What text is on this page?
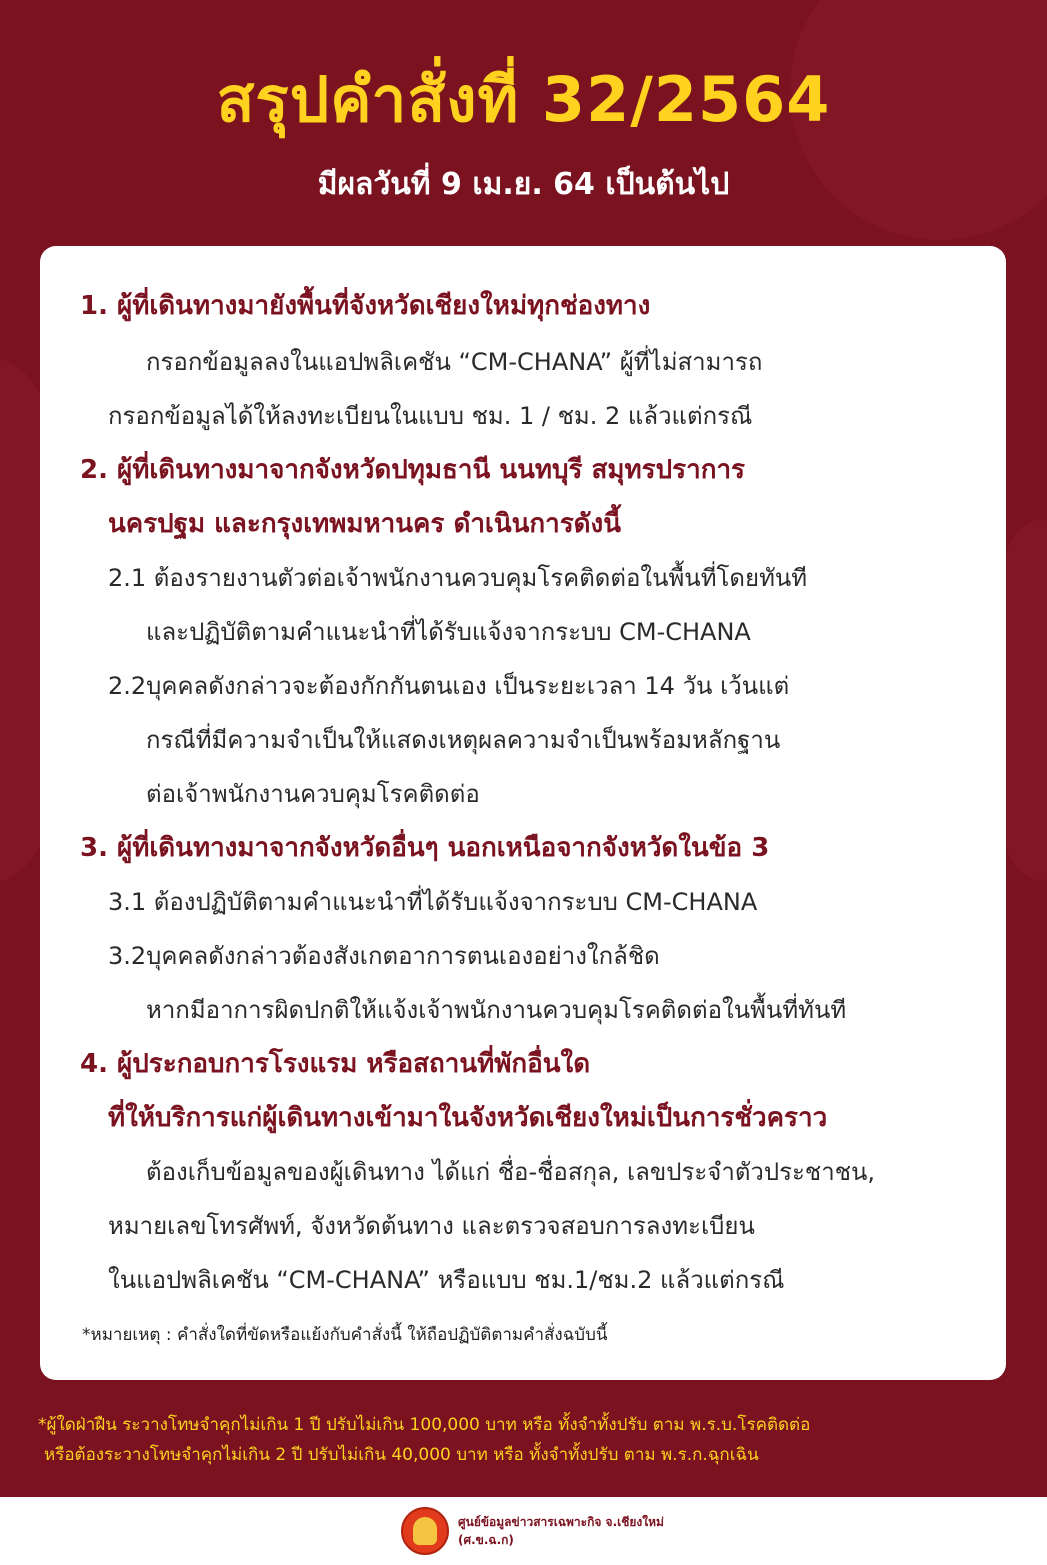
สรุปคำสั่งที่ 32/2564
มีผลวันที่ 9 เม.ย. 64 เป็นต้นไป
1. ผู้ที่เดินทางมายังพื้นที่จังหวัดเชียงใหม่ทุกช่องทาง
กรอกข้อมูลลงในแอปพลิเคชัน “CM-CHANA” ผู้ที่ไม่สามารถ
กรอกข้อมูลได้ให้ลงทะเบียนในแบบ ชม. 1 / ชม. 2 แล้วแต่กรณี
2. ผู้ที่เดินทางมาจากจังหวัดปทุมธานี นนทบุรี สมุทรปราการ
นครปฐม และกรุงเทพมหานคร ดำเนินการดังนี้
2.1 ต้องรายงานตัวต่อเจ้าพนักงานควบคุมโรคติดต่อในพื้นที่โดยทันที
และปฏิบัติตามคำแนะนำที่ได้รับแจ้งจากระบบ CM-CHANA
2.2บุคคลดังกล่าวจะต้องกักกันตนเอง เป็นระยะเวลา 14 วัน เว้นแต่
กรณีที่มีความจำเป็นให้แสดงเหตุผลความจำเป็นพร้อมหลักฐาน
ต่อเจ้าพนักงานควบคุมโรคติดต่อ
3. ผู้ที่เดินทางมาจากจังหวัดอื่นๆ นอกเหนือจากจังหวัดในข้อ 3
3.1 ต้องปฏิบัติตามคำแนะนำที่ได้รับแจ้งจากระบบ CM-CHANA
3.2บุคคลดังกล่าวต้องสังเกตอาการตนเองอย่างใกล้ชิด
หากมีอาการผิดปกติให้แจ้งเจ้าพนักงานควบคุมโรคติดต่อในพื้นที่ทันที
4. ผู้ประกอบการโรงแรม หรือสถานที่พักอื่นใด
ที่ให้บริการแก่ผู้เดินทางเข้ามาในจังหวัดเชียงใหม่เป็นการชั่วคราว
ต้องเก็บข้อมูลของผู้เดินทาง ได้แก่ ชื่อ-ชื่อสกุล, เลขประจำตัวประชาชน,
หมายเลขโทรศัพท์, จังหวัดต้นทาง และตรวจสอบการลงทะเบียน
ในแอปพลิเคชัน “CM-CHANA” หรือแบบ ชม.1/ชม.2 แล้วแต่กรณี
*หมายเหตุ : คำสั่งใดที่ขัดหรือแย้งกับคำสั่งนี้ ให้ถือปฏิบัติตามคำสั่งฉบับนี้
*ผู้ใดฝ่าฝืน ระวางโทษจำคุกไม่เกิน 1 ปี ปรับไม่เกิน 100,000 บาท หรือ ทั้งจำทั้งปรับ ตาม พ.ร.บ.โรคติดต่อ
หรือต้องระวางโทษจำคุกไม่เกิน 2 ปี ปรับไม่เกิน 40,000 บาท หรือ ทั้งจำทั้งปรับ ตาม พ.ร.ก.ฉุกเฉิน
ศูนย์ข้อมูลข่าวสารเฉพาะกิจ จ.เชียงใหม่
(ศ.ข.ฉ.ก)
